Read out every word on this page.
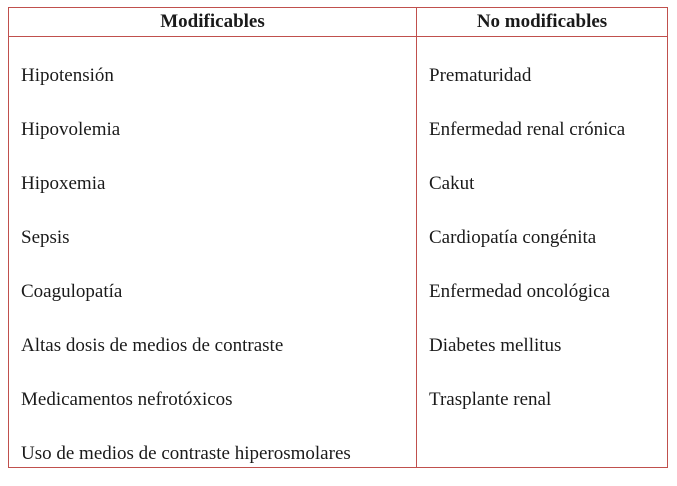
Modificables	No modificables
Hipotensión
Hipovolemia
Hipoxemia
Sepsis
Coagulopatía
Altas dosis de medios de contraste
Medicamentos nefrotóxicos
Uso de medios de contraste hiperosmolares
Prematuridad
Enfermedad renal crónica
Cakut
Cardiopatía congénita
Enfermedad oncológica
Diabetes mellitus
Trasplante renal
